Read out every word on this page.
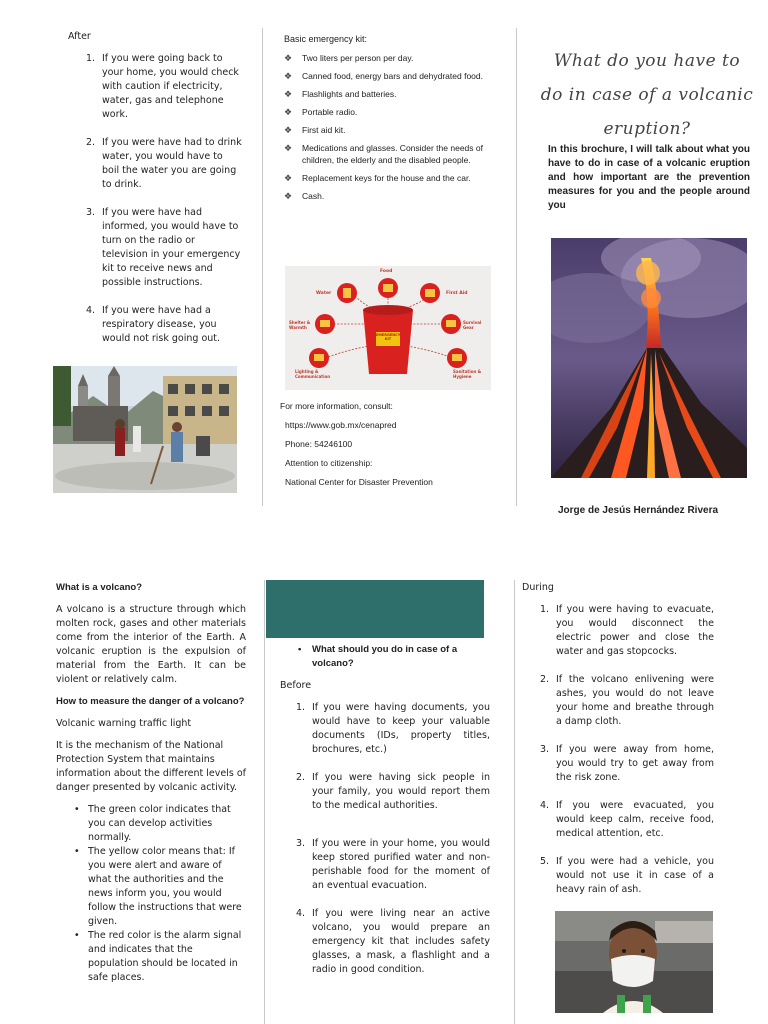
After
1. If you were going back to your home, you would check with caution if electricity, water, gas and telephone work.
2. If you were have had to drink water, you would have to boil the water you are going to drink.
3. If you were have had informed, you would have to turn on the radio or television in your emergency kit to receive news and possible instructions.
4. If you were have had a respiratory disease, you would not risk going out.
Basic emergency kit:
❖ Two liters per person per day.
❖ Canned food, energy bars and dehydrated food.
❖ Flashlights and batteries.
❖ Portable radio.
❖ First aid kit.
❖ Medications and glasses. Consider the needs of children, the elderly and the disabled people.
❖ Replacement keys for the house and the car.
❖ Cash.
EMERGENCY KIT
Food
Water	First Aid
Shelter & Warmth
Survival Gear
Lighting & Communication
Sanitation & Hygiene
For more information, consult:
https://www.gob.mx/cenapred
Phone: 54246100
Attention to citizenship:
National Center for Disaster Prevention
What do you have to do in case of a volcanic eruption?
In this brochure, I will talk about what you have to do in case of a volcanic eruption and how important are the prevention measures for you and the people around you
Jorge de Jesús Hernández Rivera
What is a volcano?
A volcano is a structure through which molten rock, gases and other materials come from the interior of the Earth. A volcanic eruption is the expulsion of material from the Earth. It can be violent or relatively calm.
How to measure the danger of a volcano?
Volcanic warning traffic light
It is the mechanism of the National Protection System that maintains information about the different levels of danger presented by volcanic activity.
• The green color indicates that you can develop activities normally.
• The yellow color means that: If you were alert and aware of what the authorities and the news inform you, you would follow the instructions that were given.
• The red color is the alarm signal and indicates that the population should be located in safe places.
• What should you do in case of a volcano?
Before
1. If you were having documents, you would have to keep your valuable documents (IDs, property titles, brochures, etc.)
2. If you were having sick people in your family, you would report them to the medical authorities.
3. If you were in your home, you would keep stored purified water and non-perishable food for the moment of an eventual evacuation.
4. If you were living near an active volcano, you would prepare an emergency kit that includes safety glasses, a mask, a flashlight and a radio in good condition.
During
1. If you were having to evacuate, you would disconnect the electric power and close the water and gas stopcocks.
2. If the volcano enlivening were ashes, you would do not leave your home and breathe through a damp cloth.
3. If you were away from home, you would try to get away from the risk zone.
4. If you were evacuated, you would keep calm, receive food, medical attention, etc.
5. If you were had a vehicle, you would not use it in case of a heavy rain of ash.
